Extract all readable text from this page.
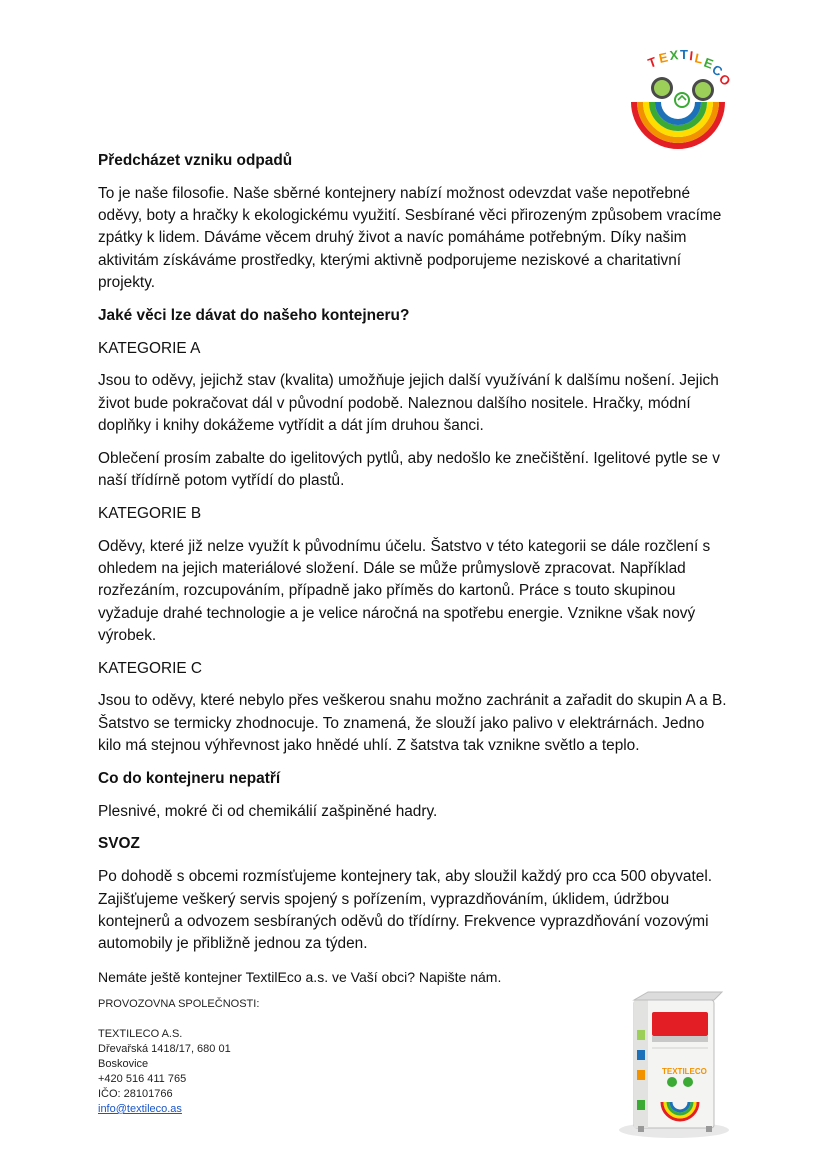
T E X T I L
E
C
O

Předcházet vzniku odpadů

To je naše filosofie. Naše sběrné kontejnery nabízí možnost odevzdat vaše nepotřebné oděvy, boty a hračky k ekologickému využití. Sesbírané věci přirozeným způsobem vracíme zpátky k lidem. Dáváme věcem druhý život a navíc pomáháme potřebným. Díky našim aktivitám získáváme prostředky, kterými aktivně podporujeme neziskové a charitativní projekty.

Jaké věci lze dávat do našeho kontejneru?

KATEGORIE A

Jsou to oděvy, jejichž stav (kvalita) umožňuje jejich další využívání k dalšímu nošení. Jejich život bude pokračovat dál v původní podobě. Naleznou dalšího nositele. Hračky, módní doplňky i knihy dokážeme vytřídit a dát jím druhou šanci.

Oblečení prosím zabalte do igelitových pytlů, aby nedošlo ke znečištění. Igelitové pytle se v naší třídírně potom vytřídí do plastů.

KATEGORIE B

Oděvy, které již nelze využít k původnímu účelu. Šatstvo v této kategorii se dále rozčlení s ohledem na jejich materiálové složení. Dále se může průmyslově zpracovat. Například rozřezáním, rozcupováním, případně jako příměs do kartonů. Práce s touto skupinou vyžaduje drahé technologie a je velice náročná na spotřebu energie. Vznikne však nový výrobek.

KATEGORIE C

Jsou to oděvy, které nebylo přes veškerou snahu možno zachránit a zařadit do skupin A a B. Šatstvo se termicky zhodnocuje. To znamená, že slouží jako palivo v elektrárnách. Jedno kilo má stejnou výhřevnost jako hnědé uhlí. Z šatstva tak vznikne světlo a teplo.

Co do kontejneru nepatří

Plesnivé, mokré či od chemikálií zašpiněné hadry.

SVOZ

Po dohodě s obcemi rozmísťujeme kontejnery tak, aby sloužil každý pro cca 500 obyvatel. Zajišťujeme veškerý servis spojený s pořízením, vyprazdňováním, úklidem, údržbou kontejnerů a odvozem sesbíraných oděvů do třídírny. Frekvence vyprazdňování vozovými automobily je přibližně jednou za týden.

Nemáte ještě kontejner TextilEco a.s. ve Vaší obci? Napište nám.

PROVOZOVNA SPOLEČNOSTI:
TEXTILECO A.S.
Dřevařská 1418/17, 680 01
Boskovice
+420 516 411 765
IČO: 28101766
info@textileco.as
TEXTILECO
